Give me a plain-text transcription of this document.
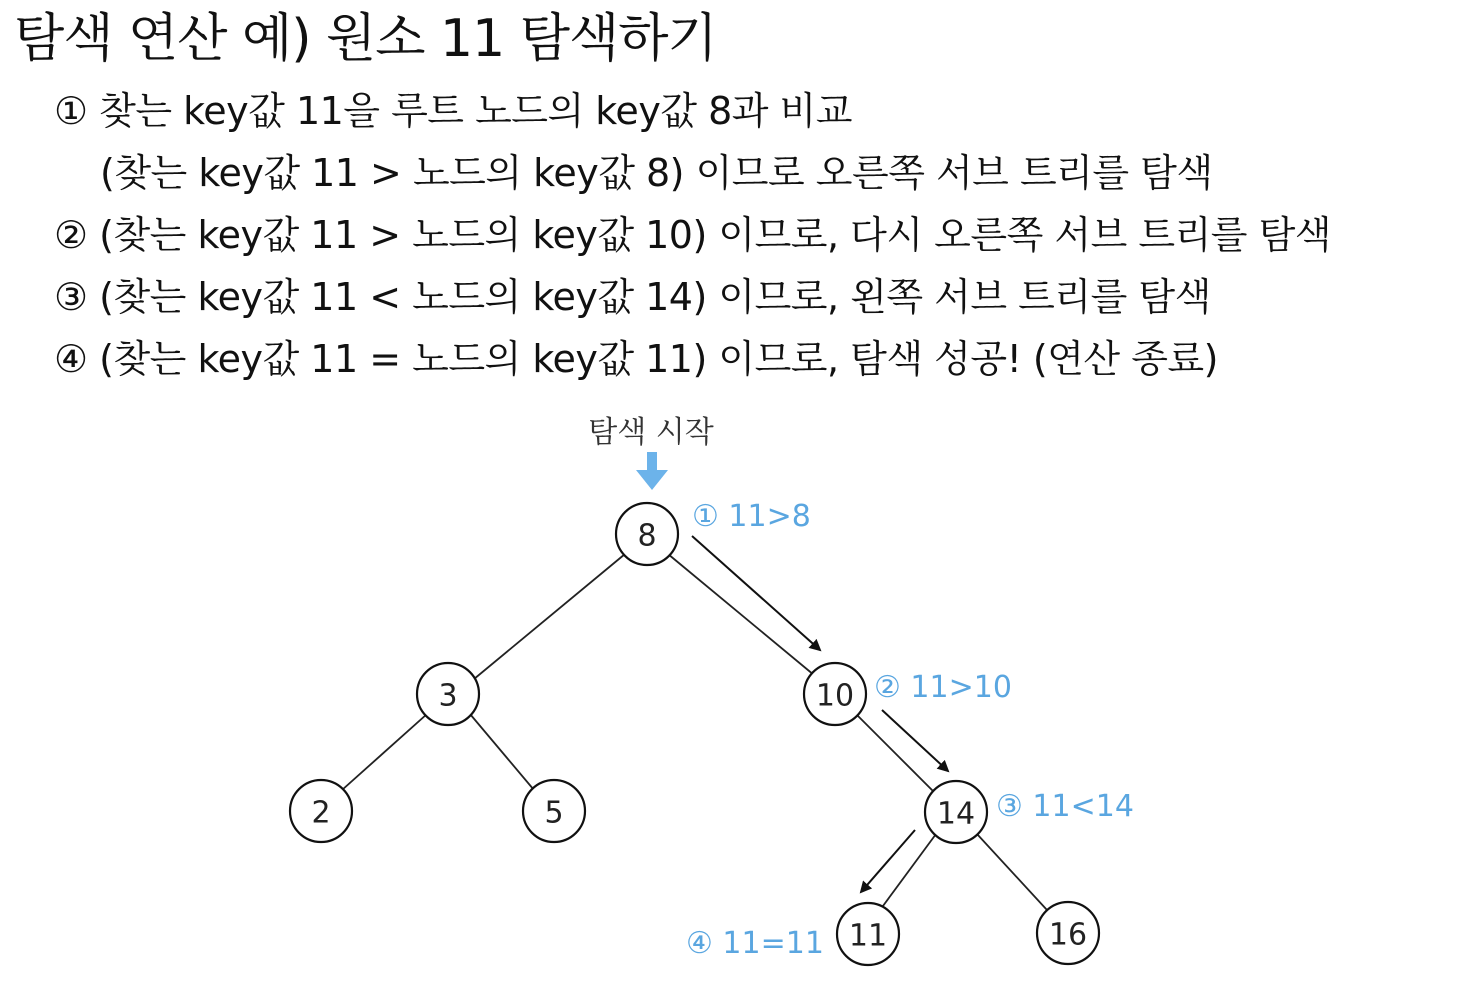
탐색 연산 예) 원소 11 탐색하기
① 찾는 key값 11을 루트 노드의 key값 8과 비교
(찾는 key값 11 > 노드의 key값 8) 이므로 오른쪽 서브 트리를 탐색
② (찾는 key값 11 > 노드의 key값 10) 이므로, 다시 오른쪽 서브 트리를 탐색
③ (찾는 key값 11 < 노드의 key값 14) 이므로, 왼쪽 서브 트리를 탐색
④ (찾는 key값 11 = 노드의 key값 11) 이므로, 탐색 성공! (연산 종료)
탐색 시작
8
3	10
2	5	14
11	16
① 11>8
② 11>10
③ 11<14
④ 11=11
